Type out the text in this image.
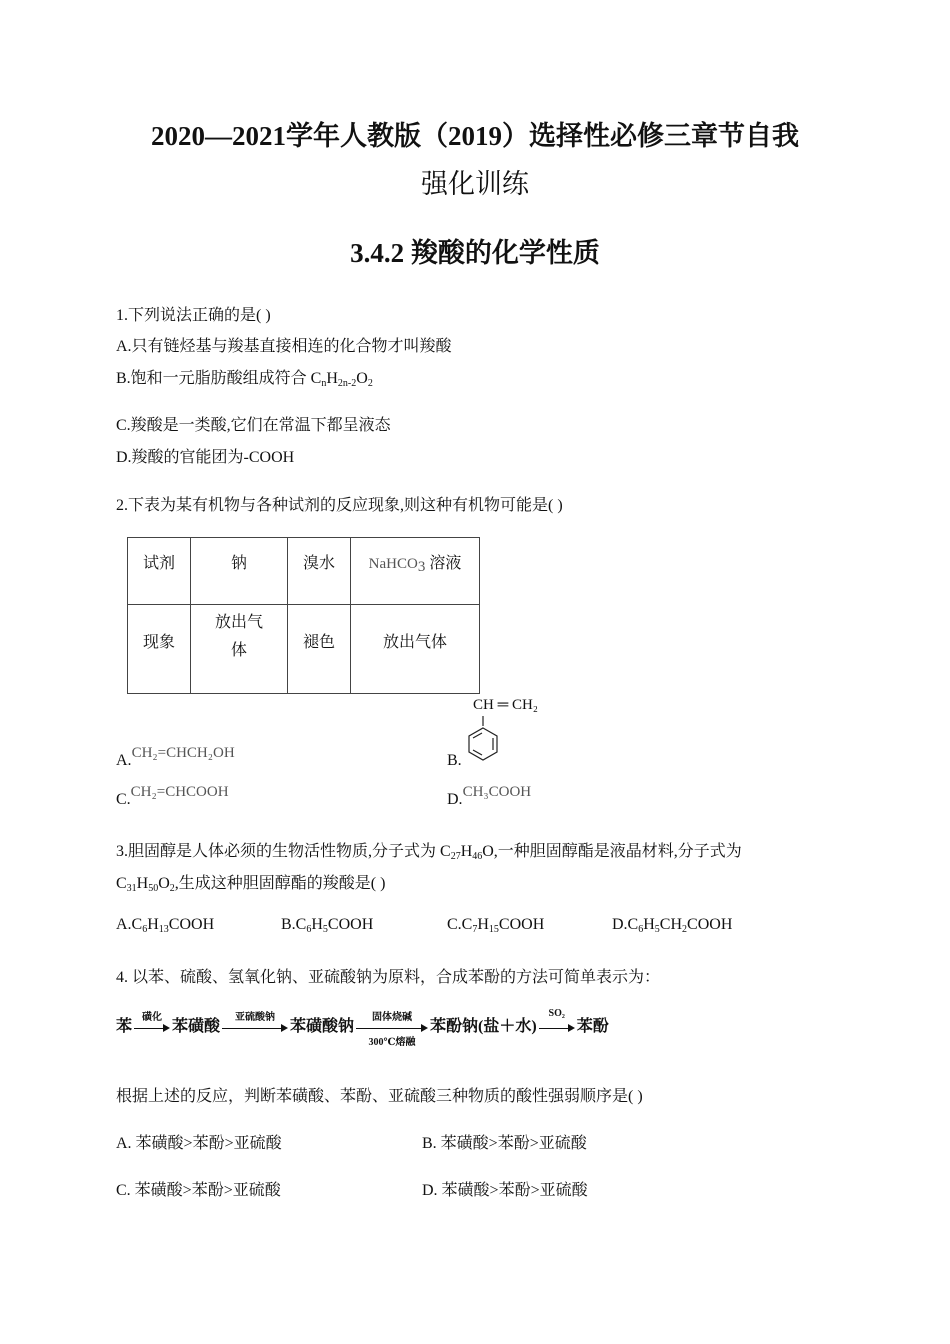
2020—2021学年人教版（2019）选择性必修三章节自我
强化训练
3.4.2 羧酸的化学性质
1.下列说法正确的是( )
A.只有链烃基与羧基直接相连的化合物才叫羧酸
B.饱和一元脂肪酸组成符合 $C_nH_{2n-2}O_2$
C.羧酸是一类酸,它们在常温下都呈液态
D.羧酸的官能团为-COOH
2.下表为某有机物与各种试剂的反应现象,则这种有机物可能是( )
试剂	钠	溴水	NaHCO$_3$ 溶液
现象	放出气
体	褪色	放出气体
A.CH₂=CHCH₂OH
C.CH₂=CHCOOH
B.
CH ═ CH₂
D.CH₃COOH
3.胆固醇是人体必须的生物活性物质,分子式为 $C_{27}H_{46}O$,一种胆固醇酯是液晶材料,分子式为
$C_{31}H_{50}O_2$,生成这种胆固醇酯的羧酸是( )
$A.C_6H_{13}COOH$	$B.C_6H_5COOH$	$C.C_7H_{15}COOH$	$D.C_6H_5CH_2COOH$
4. 以苯、硫酸、氢氧化钠、亚硫酸钠为原料，合成苯酚的方法可简单表示为：
苯
磺化
苯磺酸
亚硫酸钠
苯磺酸钠
固体烧碱
300℃熔融
苯酚钠(盐＋水)
SO₂
苯酚
根据上述的反应，判断苯磺酸、苯酚、亚硫酸三种物质的酸性强弱顺序是( )
A. 苯磺酸>苯酚>亚硫酸	B. 苯磺酸>苯酚>亚硫酸
C. 苯磺酸>苯酚>亚硫酸	D. 苯磺酸>苯酚>亚硫酸
